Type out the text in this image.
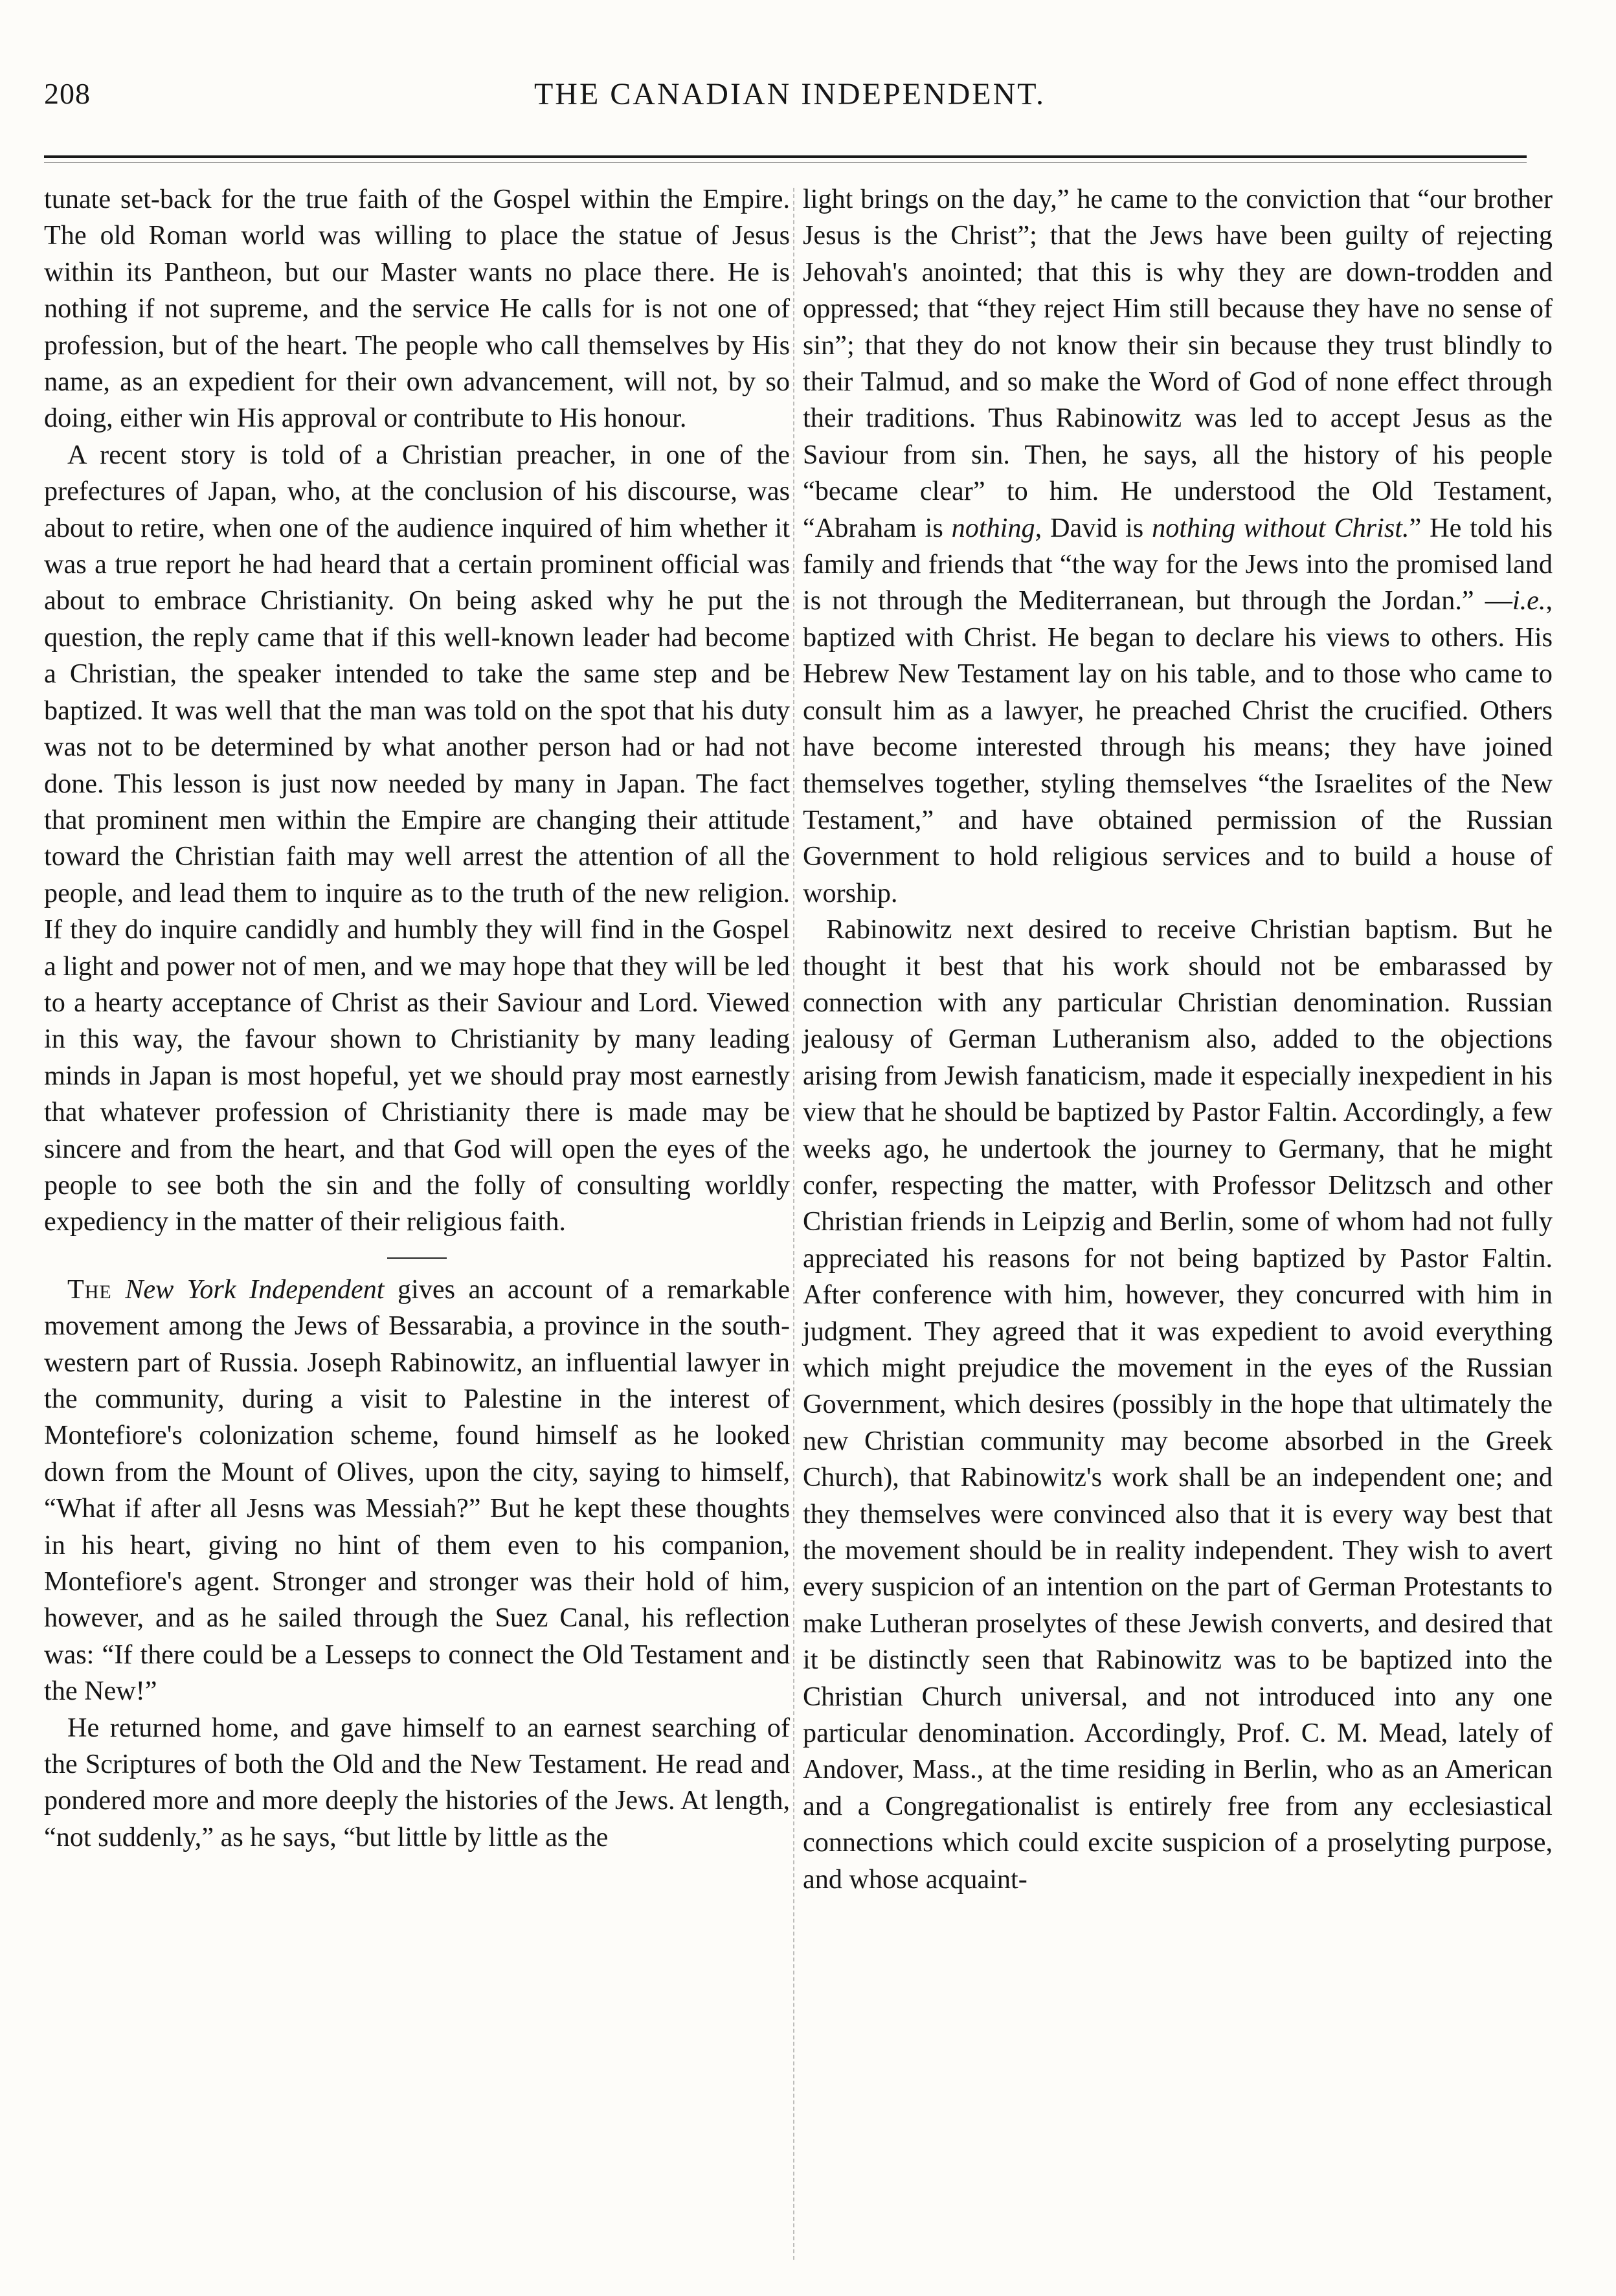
208	THE CANADIAN INDEPENDENT.

tunate set-back for the true faith of the Gospel within the Empire. The old Roman world was willing to place the statue of Jesus within its Pantheon, but our Master wants no place there. He is nothing if not supreme, and the service He calls for is not one of profession, but of the heart. The people who call themselves by His name, as an expedient for their own advancement, will not, by so doing, either win His approval or contribute to His honour.

A recent story is told of a Christian preacher, in one of the prefectures of Japan, who, at the conclusion of his discourse, was about to retire, when one of the audience inquired of him whether it was a true report he had heard that a certain prominent official was about to embrace Christianity. On being asked why he put the question, the reply came that if this well-known leader had become a Christian, the speaker intended to take the same step and be baptized. It was well that the man was told on the spot that his duty was not to be determined by what another person had or had not done. This lesson is just now needed by many in Japan. The fact that prominent men within the Empire are changing their attitude toward the Christian faith may well arrest the attention of all the people, and lead them to inquire as to the truth of the new religion. If they do inquire candidly and humbly they will find in the Gospel a light and power not of men, and we may hope that they will be led to a hearty acceptance of Christ as their Saviour and Lord. Viewed in this way, the favour shown to Christianity by many leading minds in Japan is most hopeful, yet we should pray most earnestly that whatever profession of Christianity there is made may be sincere and from the heart, and that God will open the eyes of the people to see both the sin and the folly of consulting worldly expediency in the matter of their religious faith.

The New York Independent gives an account of a remarkable movement among the Jews of Bessarabia, a province in the south-western part of Russia. Joseph Rabinowitz, an influential lawyer in the community, during a visit to Palestine in the interest of Montefiore's colonization scheme, found himself as he looked down from the Mount of Olives, upon the city, saying to himself, “What if after all Jesns was Messiah?” But he kept these thoughts in his heart, giving no hint of them even to his companion, Montefiore's agent. Stronger and stronger was their hold of him, however, and as he sailed through the Suez Canal, his reflection was: “If there could be a Lesseps to connect the Old Testament and the New!”

He returned home, and gave himself to an earnest searching of the Scriptures of both the Old and the New Testament. He read and pondered more and more deeply the histories of the Jews. At length, “not suddenly,” as he says, “but little by little as the

light brings on the day,” he came to the conviction that “our brother Jesus is the Christ”; that the Jews have been guilty of rejecting Jehovah's anointed; that this is why they are down-trodden and oppressed; that “they reject Him still because they have no sense of sin”; that they do not know their sin because they trust blindly to their Talmud, and so make the Word of God of none effect through their traditions. Thus Rabinowitz was led to accept Jesus as the Saviour from sin. Then, he says, all the history of his people “became clear” to him. He understood the Old Testament, “Abraham is nothing, David is nothing without Christ.” He told his family and friends that “the way for the Jews into the promised land is not through the Mediterranean, but through the Jordan.” —i.e., baptized with Christ. He began to declare his views to others. His Hebrew New Testament lay on his table, and to those who came to consult him as a lawyer, he preached Christ the crucified. Others have become interested through his means; they have joined themselves together, styling themselves “the Israelites of the New Testament,” and have obtained permission of the Russian Government to hold religious services and to build a house of worship.

Rabinowitz next desired to receive Christian baptism. But he thought it best that his work should not be embarassed by connection with any particular Christian denomination. Russian jealousy of German Lutheranism also, added to the objections arising from Jewish fanaticism, made it especially inexpedient in his view that he should be baptized by Pastor Faltin. Accordingly, a few weeks ago, he undertook the journey to Germany, that he might confer, respecting the matter, with Professor Delitzsch and other Christian friends in Leipzig and Berlin, some of whom had not fully appreciated his reasons for not being baptized by Pastor Faltin. After conference with him, however, they concurred with him in judgment. They agreed that it was expedient to avoid everything which might prejudice the movement in the eyes of the Russian Government, which desires (possibly in the hope that ultimately the new Christian community may become absorbed in the Greek Church), that Rabinowitz's work shall be an independent one; and they themselves were convinced also that it is every way best that the movement should be in reality independent. They wish to avert every suspicion of an intention on the part of German Protestants to make Lutheran proselytes of these Jewish converts, and desired that it be distinctly seen that Rabinowitz was to be baptized into the Christian Church universal, and not introduced into any one particular denomination. Accordingly, Prof. C. M. Mead, lately of Andover, Mass., at the time residing in Berlin, who as an American and a Congregationalist is entirely free from any ecclesiastical connections which could excite suspicion of a proselyting purpose, and whose acquaint-
